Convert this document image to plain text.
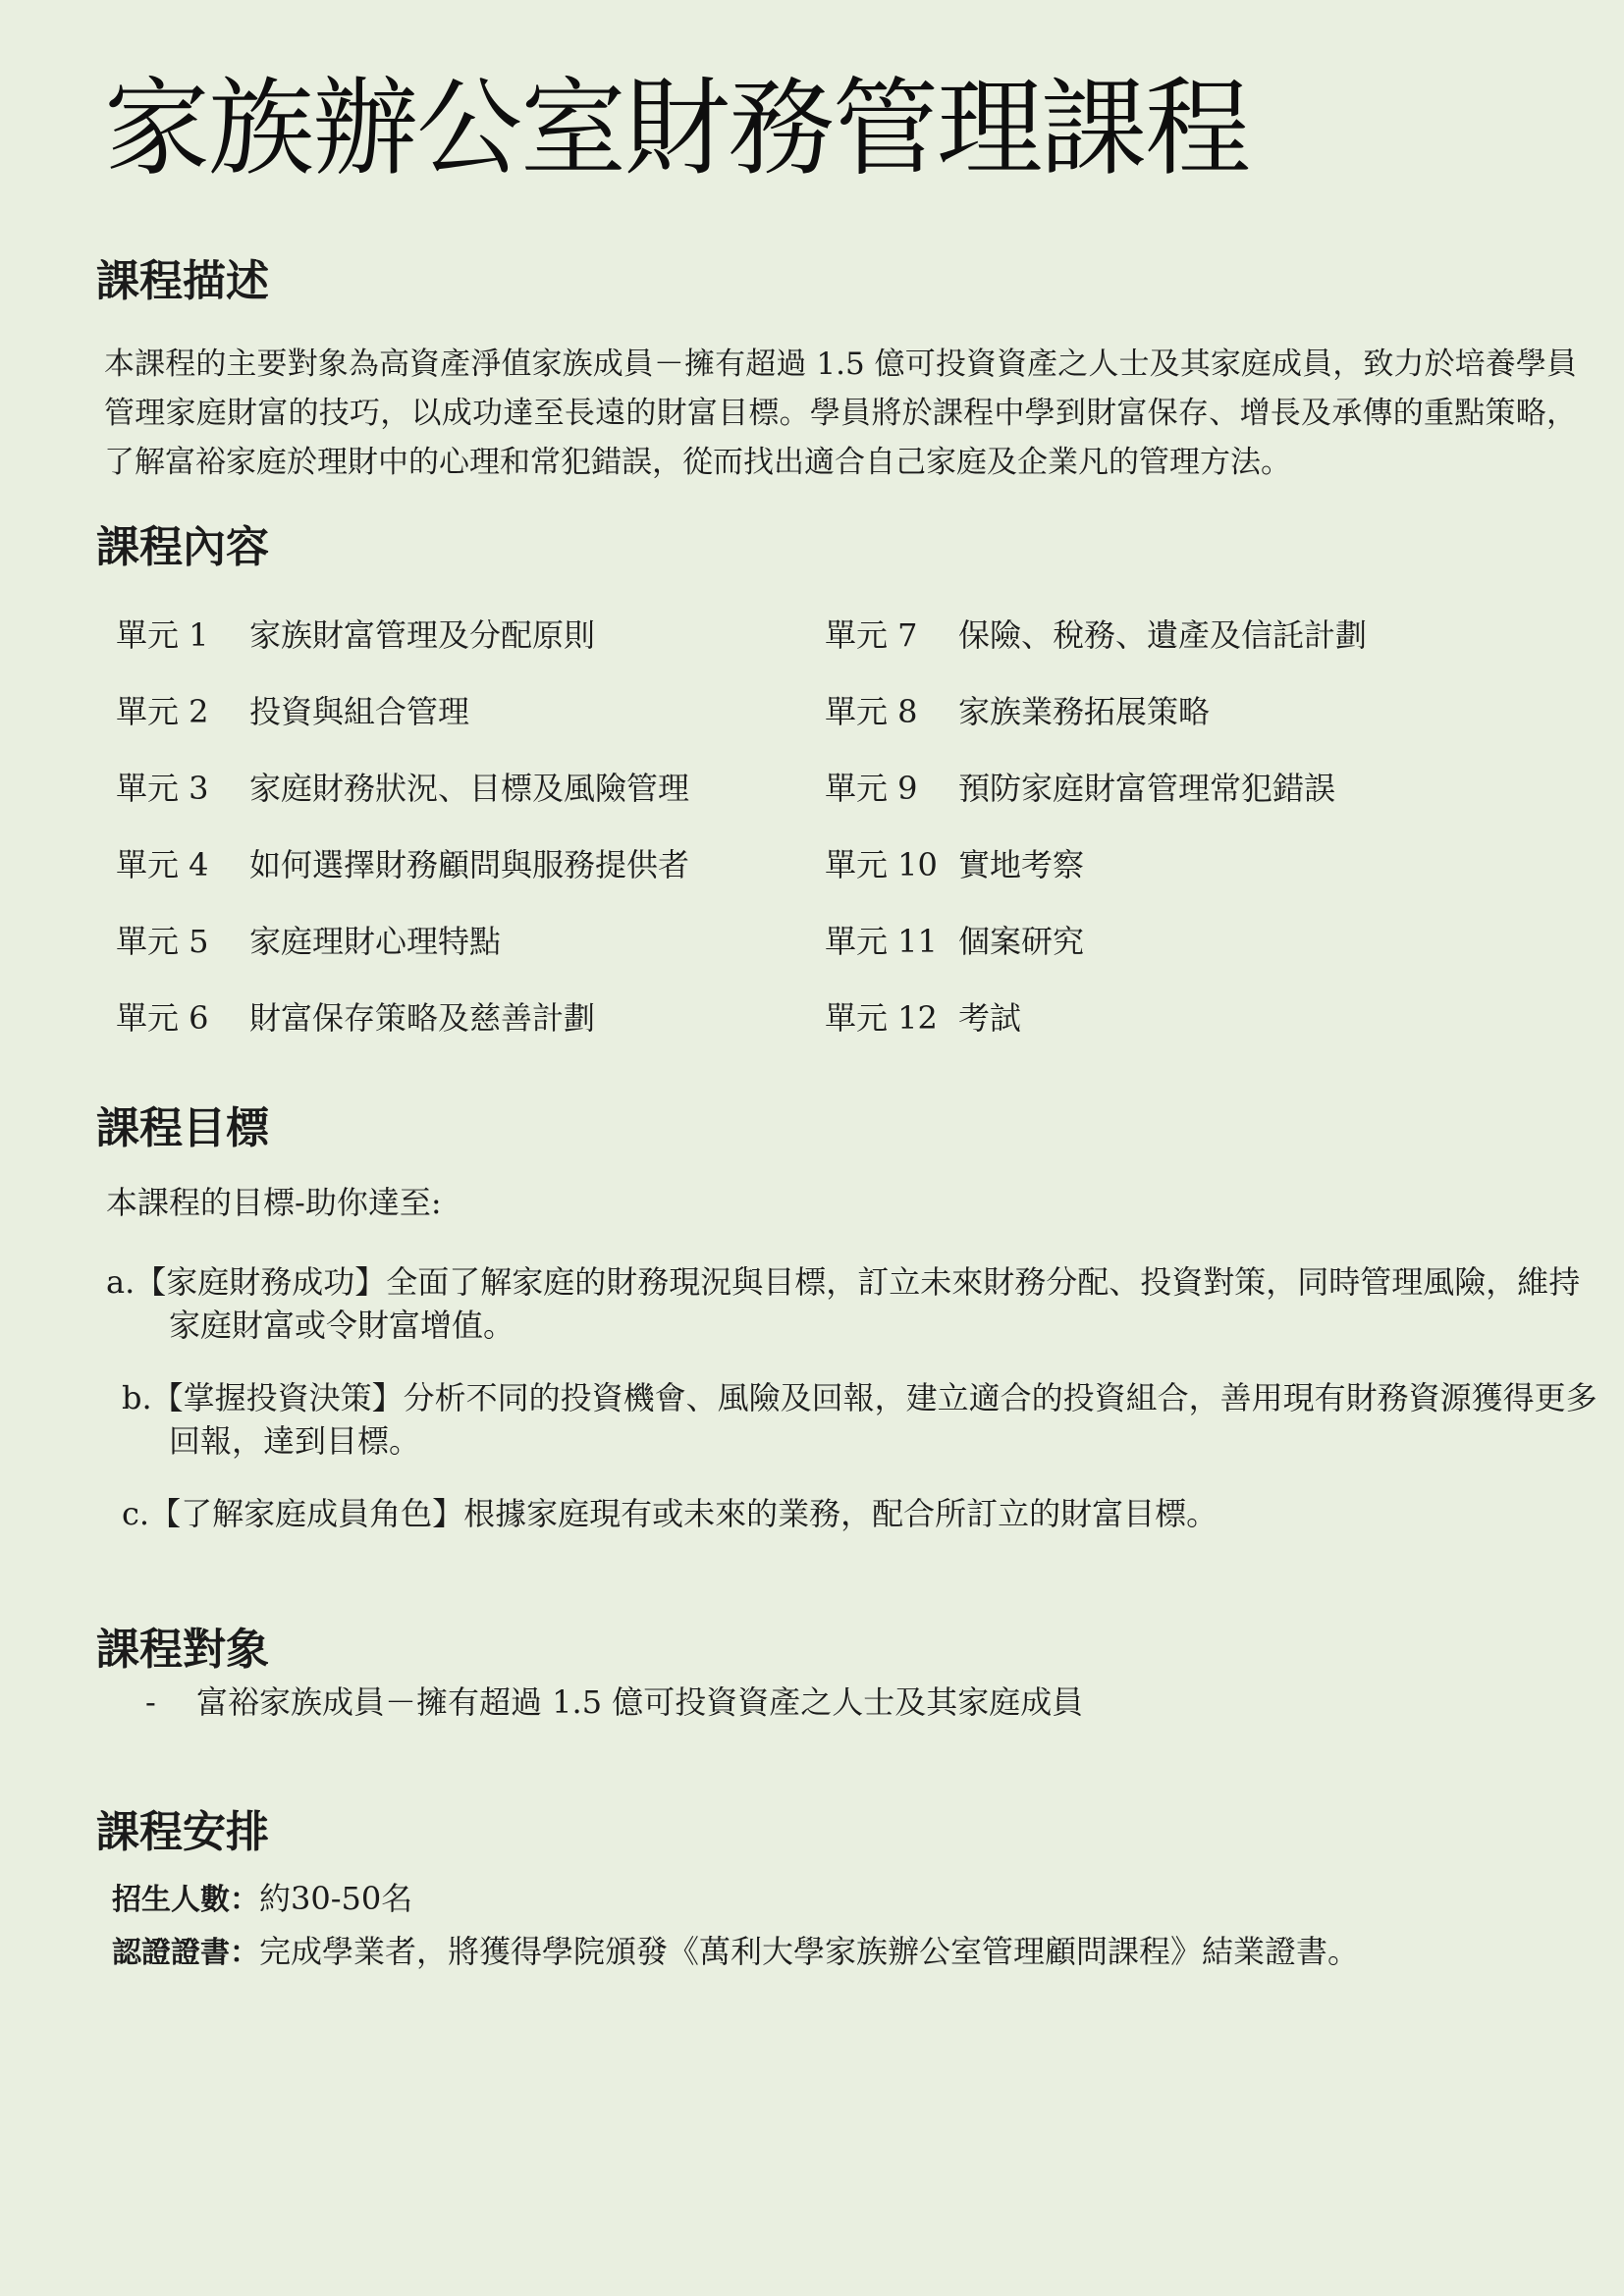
家族辦公室財務管理課程
課程描述

本課程的主要對象為高資產淨值家族成員－擁有超過 1.5 億可投資資產之人士及其家庭成員，致力於培養學員管理家庭財富的技巧，以成功達至長遠的財富目標。學員將於課程中學到財富保存、增長及承傳的重點策略，了解富裕家庭於理財中的心理和常犯錯誤，從而找出適合自己家庭及企業凡的管理方法。

課程內容
單元 1 家族財富管理及分配原則
單元 2 投資與組合管理
單元 3 家庭財務狀況、目標及風險管理
單元 4 如何選擇財務顧問與服務提供者
單元 5 家庭理財心理特點
單元 6 財富保存策略及慈善計劃
單元 7 保險、稅務、遺產及信託計劃
單元 8 家族業務拓展策略
單元 9 預防家庭財富管理常犯錯誤
單元 10 實地考察
單元 11 個案研究
單元 12 考試
課程目標

本課程的目標-助你達至:

a.【家庭財務成功】全面了解家庭的財務現況與目標，訂立未來財務分配、投資對策，同時管理風險，維持
家庭財富或令財富增值。
b.【掌握投資決策】分析不同的投資機會、風險及回報，建立適合的投資組合，善用現有財務資源獲得更多
回報，達到目標。
c.【了解家庭成員角色】根據家庭現有或未來的業務，配合所訂立的財富目標。
課程對象
- 富裕家族成員－擁有超過 1.5 億可投資資產之人士及其家庭成員
課程安排
招生人數：約30-50名
認證證書：完成學業者，將獲得學院頒發《萬利大學家族辦公室管理顧問課程》結業證書。
